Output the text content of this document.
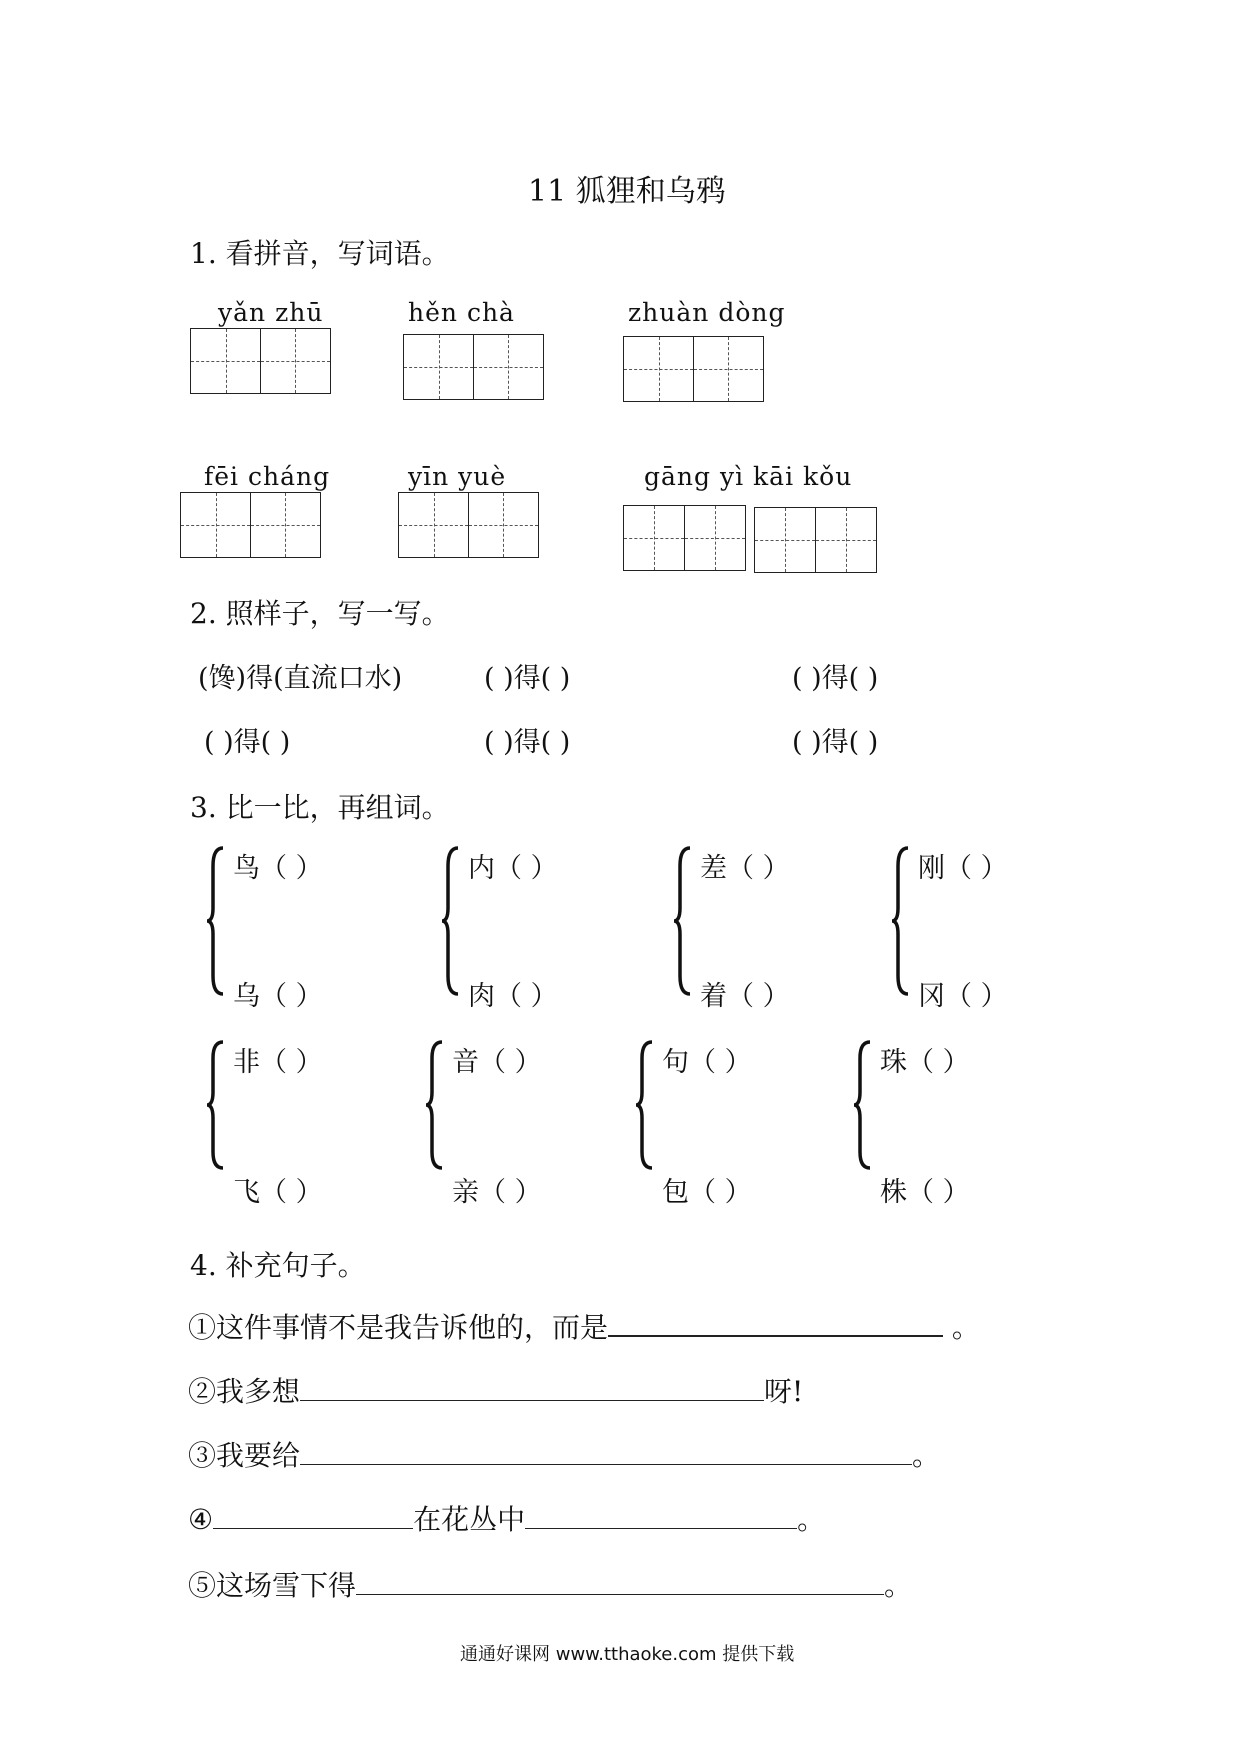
11 狐狸和乌鸦
1. 看拼音，写词语。
yǎn zhū	hěn chà	zhuàn dòng
fēi cháng	yīn yuè	gāng yì kāi kǒu
2. 照样子，写一写。
(馋)得(直流口水)	( )得( )	( )得( )
( )得( )	( )得( )	( )得( )
3. 比一比，再组词。
鸟（ ）
乌（ ）
内（ ）
肉（ ）
差（ ）
着（ ）
刚（ ）
冈（ ）
非（ ）
飞（ ）
音（ ）
亲（ ）
句（ ）
包（ ）
珠（ ）
株（ ）
4. 补充句子。
①这件事情不是我告诉他的，而是	。
②我多想	呀!
③我要给	。
④	在花丛中	。
⑤这场雪下得	。
通通好课网 www.tthaoke.com 提供下载
